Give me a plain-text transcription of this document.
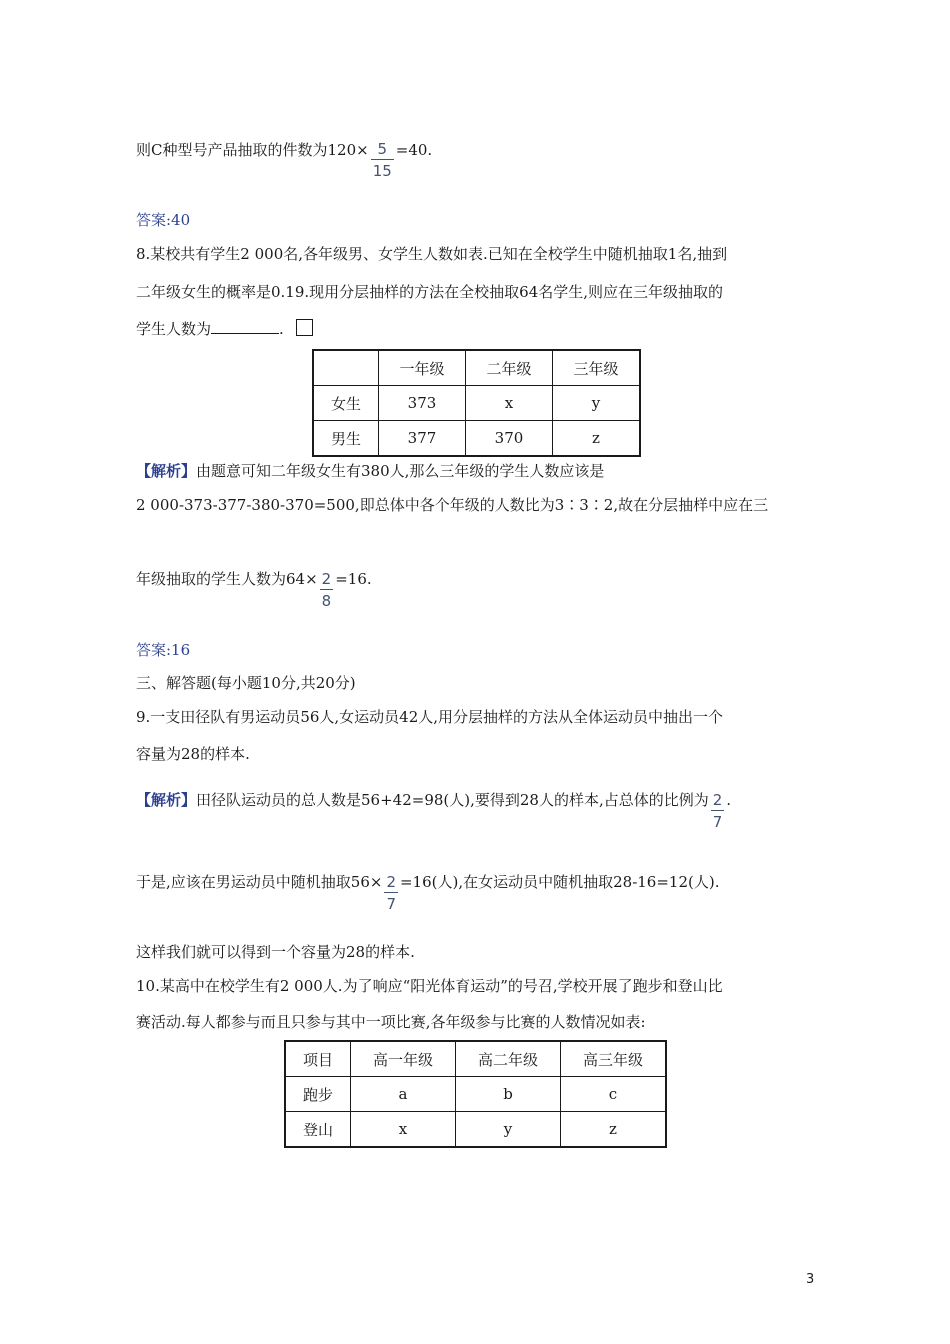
则C种型号产品抽取的件数为$120\times \frac{5}{15} =40$.
答案:40
8.某校共有学生2 000名,各年级男、女学生人数如表.已知在全校学生中随机抽取1名,抽到
二年级女生的概率是0.19.现用分层抽样的方法在全校抽取64名学生,则应在三年级抽取的
学生人数为	.
	一年级	二年级	三年级
女生	373	x	y
男生	377	370	z
【解析】由题意可知二年级女生有380人,那么三年级的学生人数应该是
2 000-373-377-380-370=500,即总体中各个年级的人数比为3∶3∶2,故在分层抽样中应在三
年级抽取的学生人数为$64\times \frac{2}{8} =16$.
答案:16
三、解答题(每小题10分,共20分)
9.一支田径队有男运动员56人,女运动员42人,用分层抽样的方法从全体运动员中抽出一个
容量为28的样本.
【解析】田径队运动员的总人数是56+42=98(人),要得到28人的样本,占总体的比例为 $\frac{2}{7}$ .
于是,应该在男运动员中随机抽取$56\times \frac{2}{7} =16$(人),在女运动员中随机抽取28-16=12(人).
这样我们就可以得到一个容量为28的样本.
10.某高中在校学生有2 000人.为了响应“阳光体育运动”的号召,学校开展了跑步和登山比
赛活动.每人都参与而且只参与其中一项比赛,各年级参与比赛的人数情况如表:
项目	高一年级	高二年级	高三年级
跑步	a	b	c
登山	x	y	z
3
